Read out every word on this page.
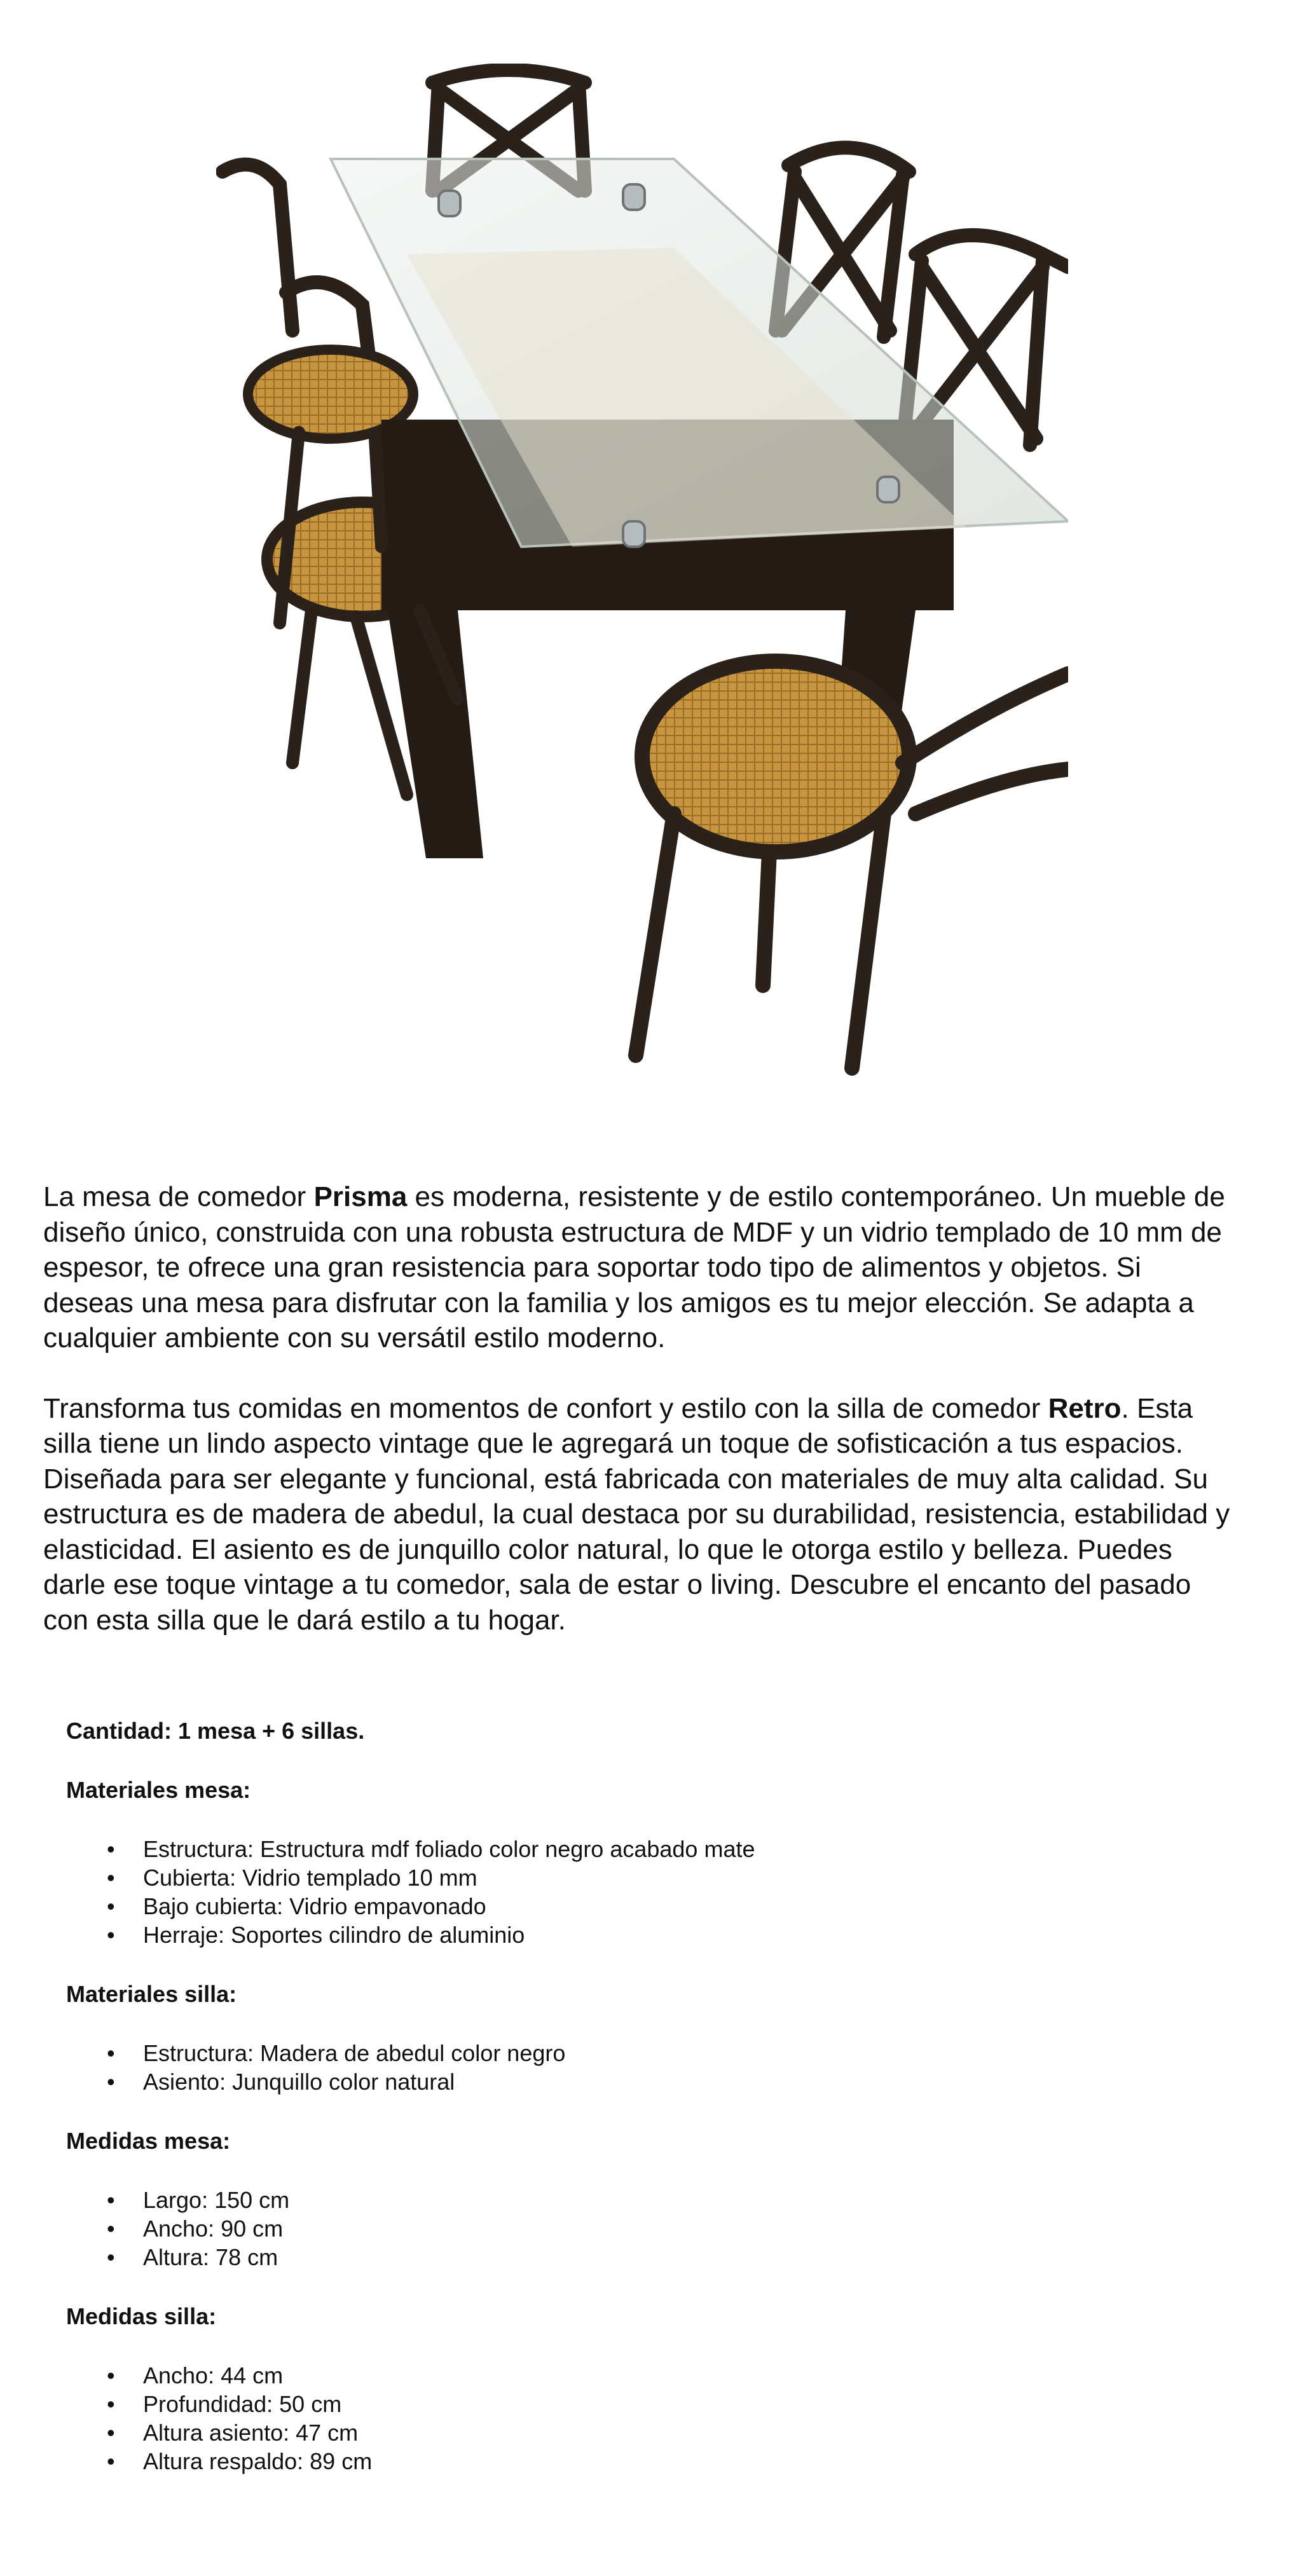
La mesa de comedor Prisma es moderna, resistente y de estilo contemporáneo. Un mueble de diseño único, construida con una robusta estructura de MDF y un vidrio templado de 10 mm de espesor, te ofrece una gran resistencia para soportar todo tipo de alimentos y objetos. Si deseas una mesa para disfrutar con la familia y los amigos es tu mejor elección. Se adapta a cualquier ambiente con su versátil estilo moderno.

Transforma tus comidas en momentos de confort y estilo con la silla de comedor Retro. Esta silla tiene un lindo aspecto vintage que le agregará un toque de sofisticación a tus espacios. Diseñada para ser elegante y funcional, está fabricada con materiales de muy alta calidad. Su estructura es de madera de abedul, la cual destaca por su durabilidad, resistencia, estabilidad y elasticidad. El asiento es de junquillo color natural, lo que le otorga estilo y belleza. Puedes darle ese toque vintage a tu comedor, sala de estar o living. Descubre el encanto del pasado con esta silla que le dará estilo a tu hogar.

Cantidad: 1 mesa + 6 sillas.
Materiales mesa:
• Estructura: Estructura mdf foliado color negro acabado mate
• Cubierta: Vidrio templado 10 mm
• Bajo cubierta: Vidrio empavonado
• Herraje: Soportes cilindro de aluminio
Materiales silla:
• Estructura: Madera de abedul color negro
• Asiento: Junquillo color natural
Medidas mesa:
• Largo: 150 cm
• Ancho: 90 cm
• Altura: 78 cm
Medidas silla:
• Ancho: 44 cm
• Profundidad: 50 cm
• Altura asiento: 47 cm
• Altura respaldo: 89 cm
